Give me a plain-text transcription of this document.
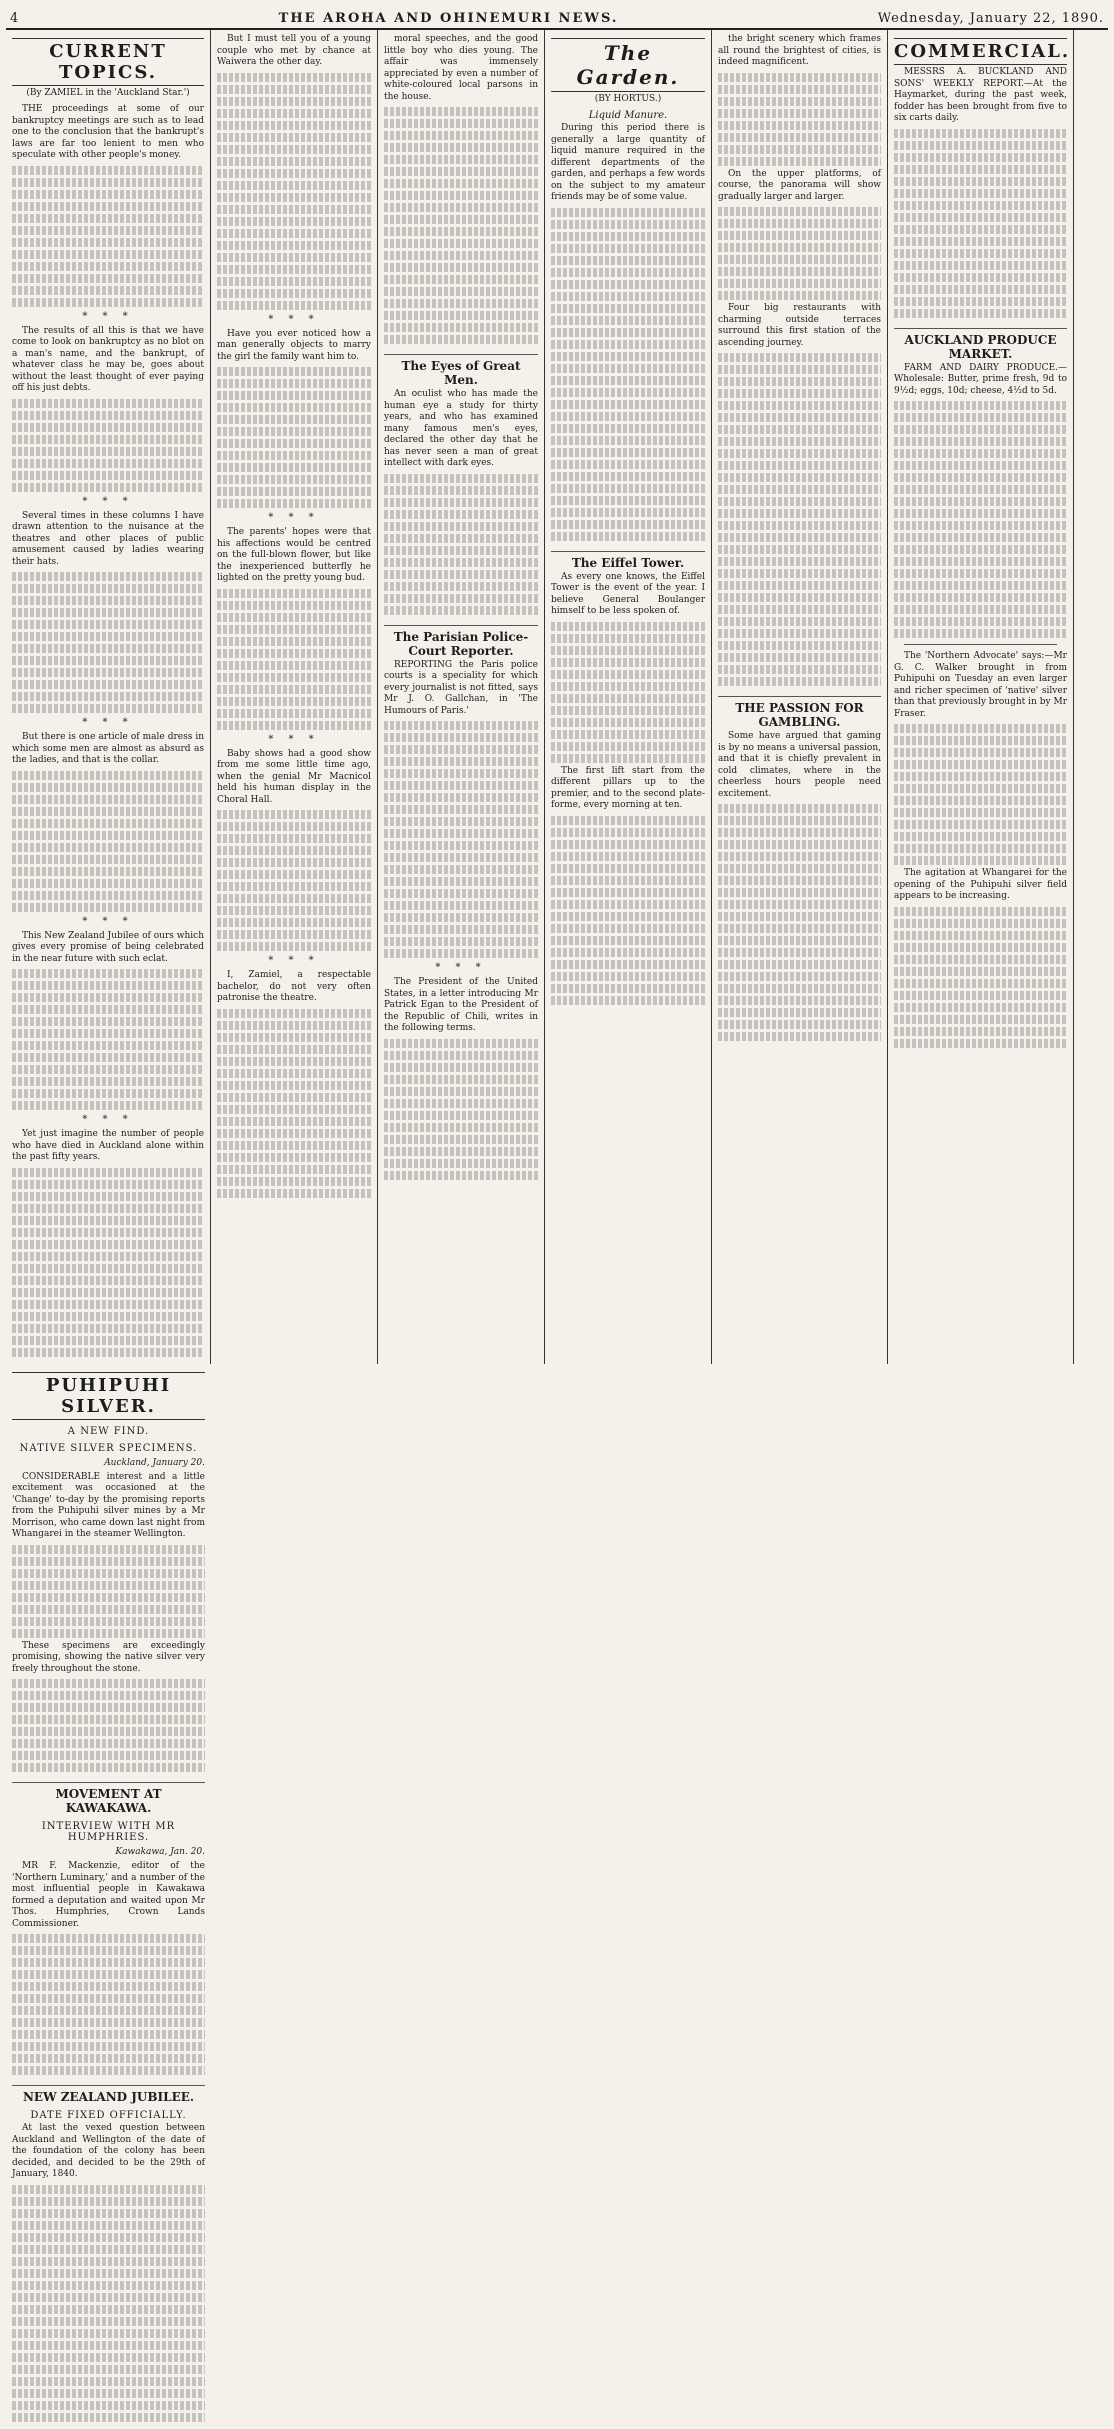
4	THE AROHA AND OHINEMURI NEWS.	Wednesday, January 22, 1890.
CURRENT TOPICS.
(By ZAMIEL in the 'Auckland Star.')

THE proceedings at some of our bankruptcy meetings are such as to lead one to the conclusion that the bankrupt's laws are far too lenient to men who speculate with other people's money.

* * *

The results of all this is that we have come to look on bankruptcy as no blot on a man's name, and the bankrupt, of whatever class he may be, goes about without the least thought of ever paying off his just debts.

* * *

Several times in these columns I have drawn attention to the nuisance at the theatres and other places of public amusement caused by ladies wearing their hats.

* * *

But there is one article of male dress in which some men are almost as absurd as the ladies, and that is the collar.

* * *

This New Zealand Jubilee of ours which gives every promise of being celebrated in the near future with such eclat.

* * *

Yet just imagine the number of people who have died in Auckland alone within the past fifty years.

But I must tell you of a young couple who met by chance at Waiwera the other day.

* * *

Have you ever noticed how a man generally objects to marry the girl the family want him to.

* * *

The parents' hopes were that his affections would be centred on the full-blown flower, but like the inexperienced butterfly he lighted on the pretty young bud.

* * *

Baby shows had a good show from me some little time ago, when the genial Mr Macnicol held his human display in the Choral Hall.

* * *

I, Zamiel, a respectable bachelor, do not very often patronise the theatre.

moral speeches, and the good little boy who dies young. The affair was immensely appreciated by even a number of white-coloured local parsons in the house.

The Eyes of Great Men.

An oculist who has made the human eye a study for thirty years, and who has examined many famous men's eyes, declared the other day that he has never seen a man of great intellect with dark eyes.

The Parisian Police-Court Reporter.

REPORTING the Paris police courts is a speciality for which every journalist is not fitted, says Mr J. O. Gallchan, in 'The Humours of Paris.'

* * *

The President of the United States, in a letter introducing Mr Patrick Egan to the President of the Republic of Chili, writes in the following terms.

The Garden.
(BY HORTUS.)
Liquid Manure.

During this period there is generally a large quantity of liquid manure required in the different departments of the garden, and perhaps a few words on the subject to my amateur friends may be of some value.

The Eiffel Tower.

As every one knows, the Eiffel Tower is the event of the year. I believe General Boulanger himself to be less spoken of.

The first lift start from the different pillars up to the premier, and to the second plate-forme, every morning at ten.

the bright scenery which frames all round the brightest of cities, is indeed magnificent.

On the upper platforms, of course, the panorama will show gradually larger and larger.

Four big restaurants with charming outside terraces surround this first station of the ascending journey.

THE PASSION FOR GAMBLING.

Some have argued that gaming is by no means a universal passion, and that it is chiefly prevalent in cold climates, where in the cheerless hours people need excitement.

COMMERCIAL.

MESSRS A. BUCKLAND AND SONS' WEEKLY REPORT.—At the Haymarket, during the past week, fodder has been brought from five to six carts daily.

AUCKLAND PRODUCE MARKET.

FARM AND DAIRY PRODUCE.—Wholesale: Butter, prime fresh, 9d to 9½d; eggs, 10d; cheese, 4½d to 5d.

The 'Northern Advocate' says:—Mr G. C. Walker brought in from Puhipuhi on Tuesday an even larger and richer specimen of 'native' silver than that previously brought in by Mr Fraser.

The agitation at Whangarei for the opening of the Puhipuhi silver field appears to be increasing.

PUHIPUHI SILVER.
A NEW FIND.
NATIVE SILVER SPECIMENS.
Auckland, January 20.

CONSIDERABLE interest and a little excitement was occasioned at the 'Change' to-day by the promising reports from the Puhipuhi silver mines by a Mr Morrison, who came down last night from Whangarei in the steamer Wellington.

These specimens are exceedingly promising, showing the native silver very freely throughout the stone.

MOVEMENT AT KAWAKAWA.
INTERVIEW WITH MR HUMPHRIES.
Kawakawa, Jan. 20.

MR F. Mackenzie, editor of the 'Northern Luminary,' and a number of the most influential people in Kawakawa formed a deputation and waited upon Mr Thos. Humphries, Crown Lands Commissioner.

NEW ZEALAND JUBILEE.
DATE FIXED OFFICIALLY.

At last the vexed question between Auckland and Wellington of the date of the foundation of the colony has been decided, and decided to be the 29th of January, 1840.
